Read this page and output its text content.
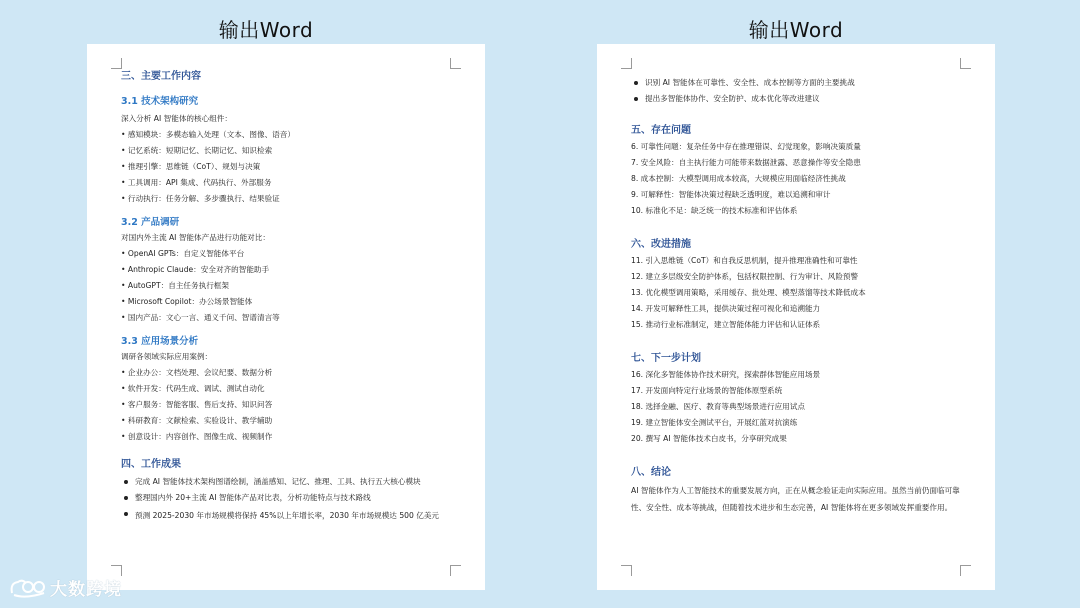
输出Word	输出Word
三、主要工作内容
3.1 技术架构研究
深入分析 AI 智能体的核心组件：
• 感知模块：多模态输入处理（文本、图像、语音）
• 记忆系统：短期记忆、长期记忆、知识检索
• 推理引擎：思维链（CoT）、规划与决策
• 工具调用：API 集成、代码执行、外部服务
• 行动执行：任务分解、多步骤执行、结果验证
3.2 产品调研
对国内外主流 AI 智能体产品进行功能对比：
• OpenAI GPTs：自定义智能体平台
• Anthropic Claude：安全对齐的智能助手
• AutoGPT：自主任务执行框架
• Microsoft Copilot：办公场景智能体
• 国内产品：文心一言、通义千问、智谱清言等
3.3 应用场景分析
调研各领域实际应用案例：
• 企业办公：文档处理、会议纪要、数据分析
• 软件开发：代码生成、调试、测试自动化
• 客户服务：智能客服、售后支持、知识问答
• 科研教育：文献检索、实验设计、教学辅助
• 创意设计：内容创作、图像生成、视频制作
四、工作成果
完成 AI 智能体技术架构图谱绘制，涵盖感知、记忆、推理、工具、执行五大核心模块
整理国内外 20+主流 AI 智能体产品对比表，分析功能特点与技术路线
预测 2025-2030 年市场规模将保持 45%以上年增长率，2030 年市场规模达 500 亿美元
识别 AI 智能体在可靠性、安全性、成本控制等方面的主要挑战
提出多智能体协作、安全防护、成本优化等改进建议
五、存在问题
6. 可靠性问题：复杂任务中存在推理错误、幻觉现象，影响决策质量
7. 安全风险：自主执行能力可能带来数据泄露、恶意操作等安全隐患
8. 成本控制：大模型调用成本较高，大规模应用面临经济性挑战
9. 可解释性：智能体决策过程缺乏透明度，难以追溯和审计
10. 标准化不足：缺乏统一的技术标准和评估体系
六、改进措施
11. 引入思维链（CoT）和自我反思机制，提升推理准确性和可靠性
12. 建立多层级安全防护体系，包括权限控制、行为审计、风险预警
13. 优化模型调用策略，采用缓存、批处理、模型蒸馏等技术降低成本
14. 开发可解释性工具，提供决策过程可视化和追溯能力
15. 推动行业标准制定，建立智能体能力评估和认证体系
七、下一步计划
16. 深化多智能体协作技术研究，探索群体智能应用场景
17. 开发面向特定行业场景的智能体原型系统
18. 选择金融、医疗、教育等典型场景进行应用试点
19. 建立智能体安全测试平台，开展红蓝对抗演练
20. 撰写 AI 智能体技术白皮书，分享研究成果
八、结论
AI 智能体作为人工智能技术的重要发展方向，正在从概念验证走向实际应用。虽然当前仍面临可靠性、安全性、成本等挑战，但随着技术进步和生态完善，AI 智能体将在更多领域发挥重要作用。
大数跨境
